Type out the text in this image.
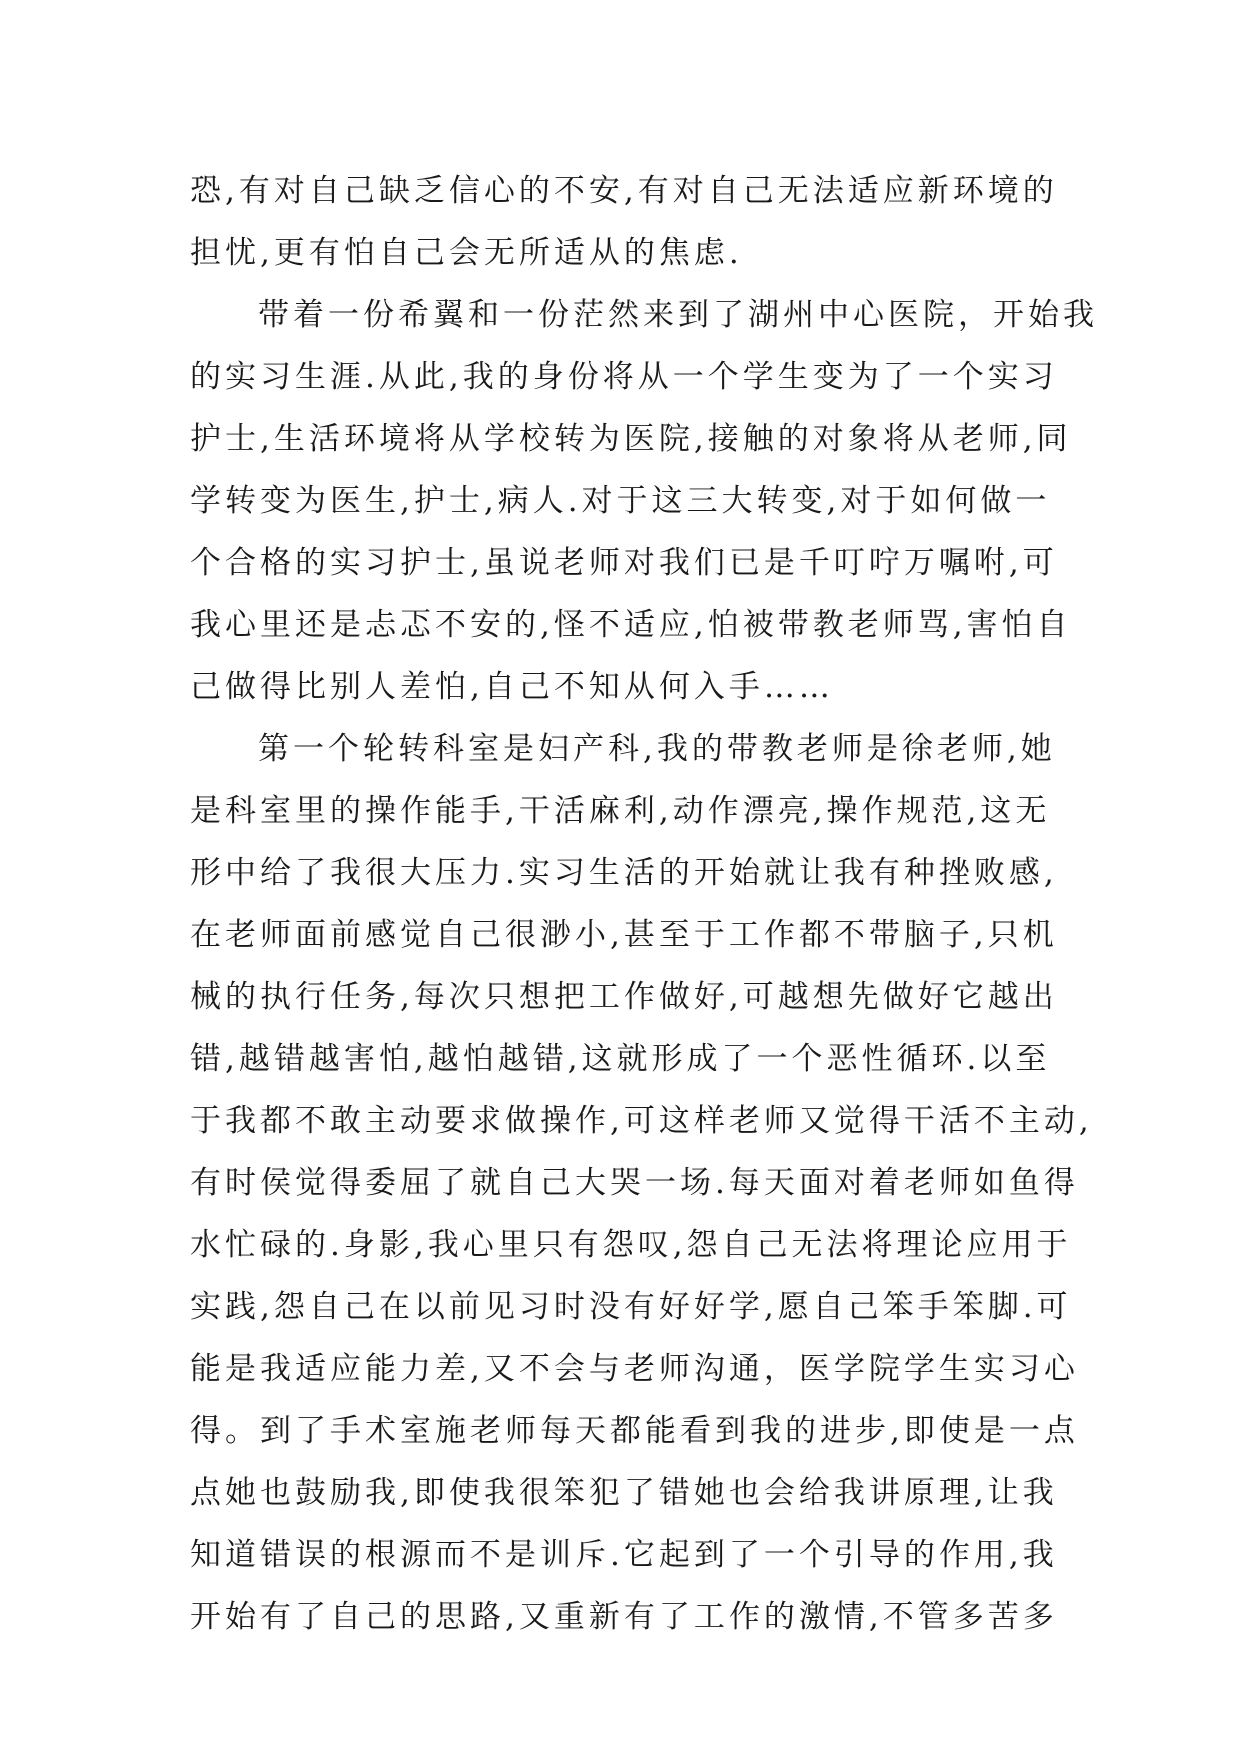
恐,有对自己缺乏信心的不安,有对自己无法适应新环境的
担忧,更有怕自己会无所适从的焦虑.
带着一份希翼和一份茫然来到了湖州中心医院，开始我
的实习生涯.从此,我的身份将从一个学生变为了一个实习
护士,生活环境将从学校转为医院,接触的对象将从老师,同
学转变为医生,护士,病人.对于这三大转变,对于如何做一
个合格的实习护士,虽说老师对我们已是千叮咛万嘱咐,可
我心里还是忐忑不安的,怪不适应,怕被带教老师骂,害怕自
己做得比别人差怕,自己不知从何入手……
第一个轮转科室是妇产科,我的带教老师是徐老师,她
是科室里的操作能手,干活麻利,动作漂亮,操作规范,这无
形中给了我很大压力.实习生活的开始就让我有种挫败感,
在老师面前感觉自己很渺小,甚至于工作都不带脑子,只机
械的执行任务,每次只想把工作做好,可越想先做好它越出
错,越错越害怕,越怕越错,这就形成了一个恶性循环.以至
于我都不敢主动要求做操作,可这样老师又觉得干活不主动,
有时侯觉得委屈了就自己大哭一场.每天面对着老师如鱼得
水忙碌的.身影,我心里只有怨叹,怨自己无法将理论应用于
实践,怨自己在以前见习时没有好好学,愿自己笨手笨脚.可
能是我适应能力差,又不会与老师沟通，医学院学生实习心
得。到了手术室施老师每天都能看到我的进步,即使是一点
点她也鼓励我,即使我很笨犯了错她也会给我讲原理,让我
知道错误的根源而不是训斥.它起到了一个引导的作用,我
开始有了自己的思路,又重新有了工作的激情,不管多苦多
